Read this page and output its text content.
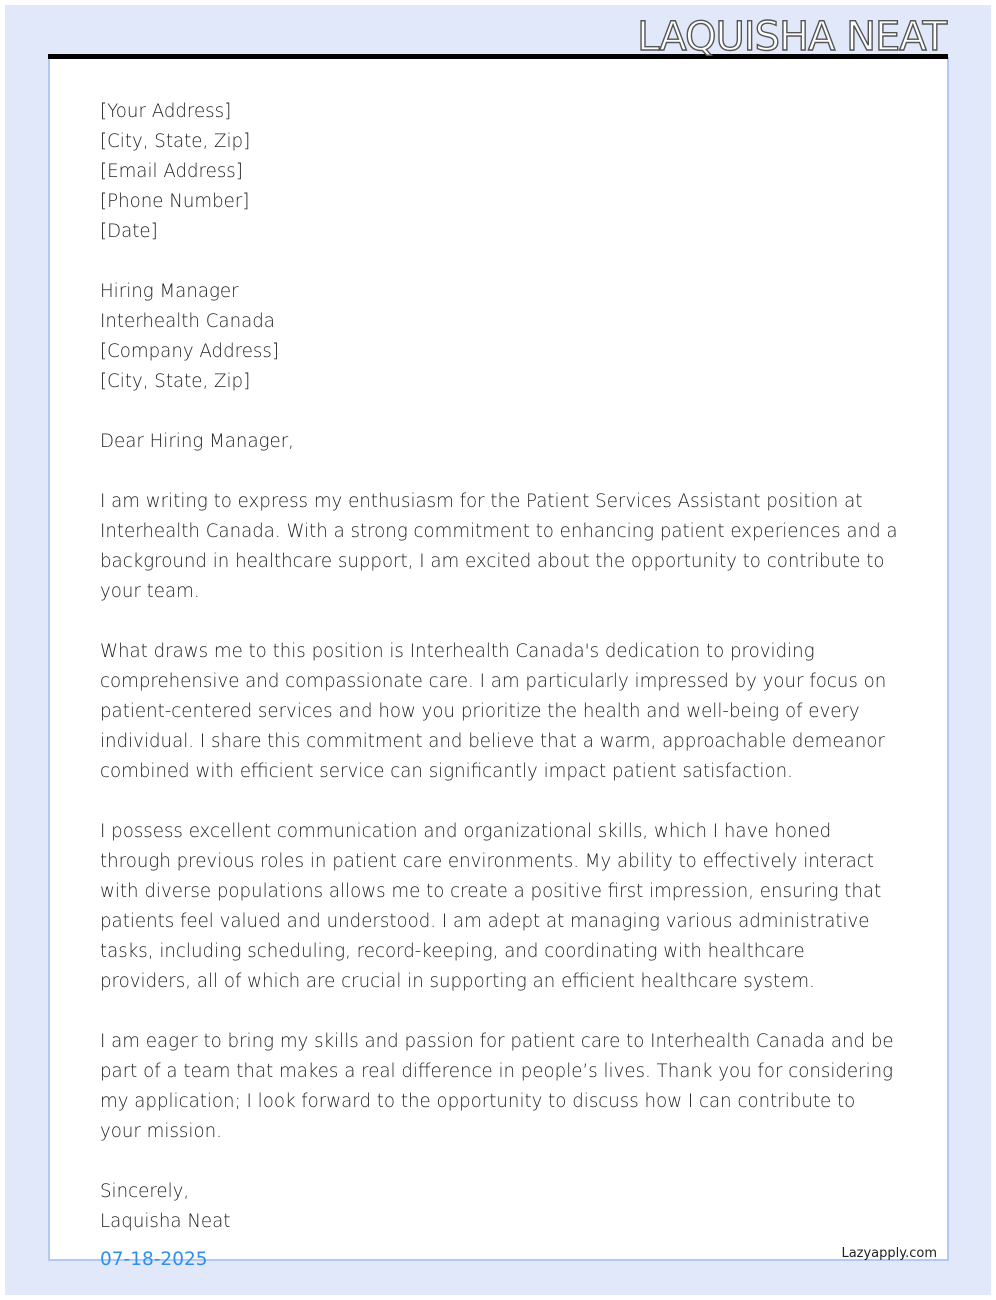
LAQUISHA NEAT

[Your Address]
[City, State, Zip]
[Email Address]
[Phone Number]
[Date]

Hiring Manager
Interhealth Canada
[Company Address]
[City, State, Zip]

Dear Hiring Manager,

I am writing to express my enthusiasm for the Patient Services Assistant position at Interhealth Canada. With a strong commitment to enhancing patient experiences and a background in healthcare support, I am excited about the opportunity to contribute to your team.

What draws me to this position is Interhealth Canada's dedication to providing comprehensive and compassionate care. I am particularly impressed by your focus on patient-centered services and how you prioritize the health and well-being of every individual. I share this commitment and believe that a warm, approachable demeanor combined with efficient service can significantly impact patient satisfaction.

I possess excellent communication and organizational skills, which I have honed through previous roles in patient care environments. My ability to effectively interact with diverse populations allows me to create a positive first impression, ensuring that patients feel valued and understood. I am adept at managing various administrative tasks, including scheduling, record-keeping, and coordinating with healthcare providers, all of which are crucial in supporting an efficient healthcare system.

I am eager to bring my skills and passion for patient care to Interhealth Canada and be part of a team that makes a real difference in people’s lives. Thank you for considering my application; I look forward to the opportunity to discuss how I can contribute to your mission.

Sincerely,
Laquisha Neat

07-18-2025	Lazyapply.com
